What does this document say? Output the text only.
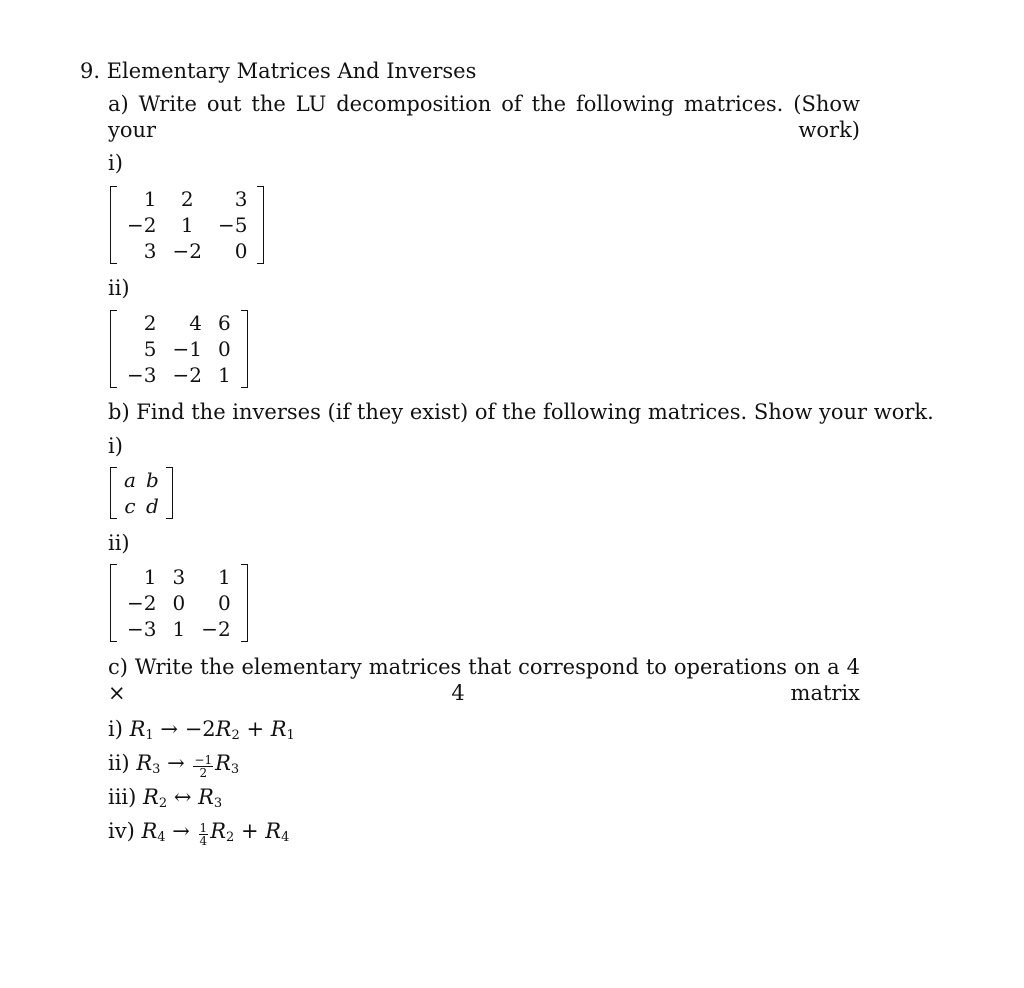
9. Elementary Matrices And Inverses
a) Write out the LU decomposition of the following matrices. (Show your work)
i)
1	2	3
−2	1	−5
3	−2	0
ii)
2	4	6
5	−1	0
−3	−2	1
b) Find the inverses (if they exist) of the following matrices. Show your work.
i)
a	b
c	d
ii)
1	3	1
−2	0	0
−3	1	−2
c) Write the elementary matrices that correspond to operations on a 4 × 4 matrix
i) $R_1 \to -2R_2 + R_1$
ii) $R_3 \to \frac{-1}{2} R_3$
iii) $R_2$ ↔ $R_3$
iv) $R_4 \to \frac{1}{4} R_2 + R_4$
